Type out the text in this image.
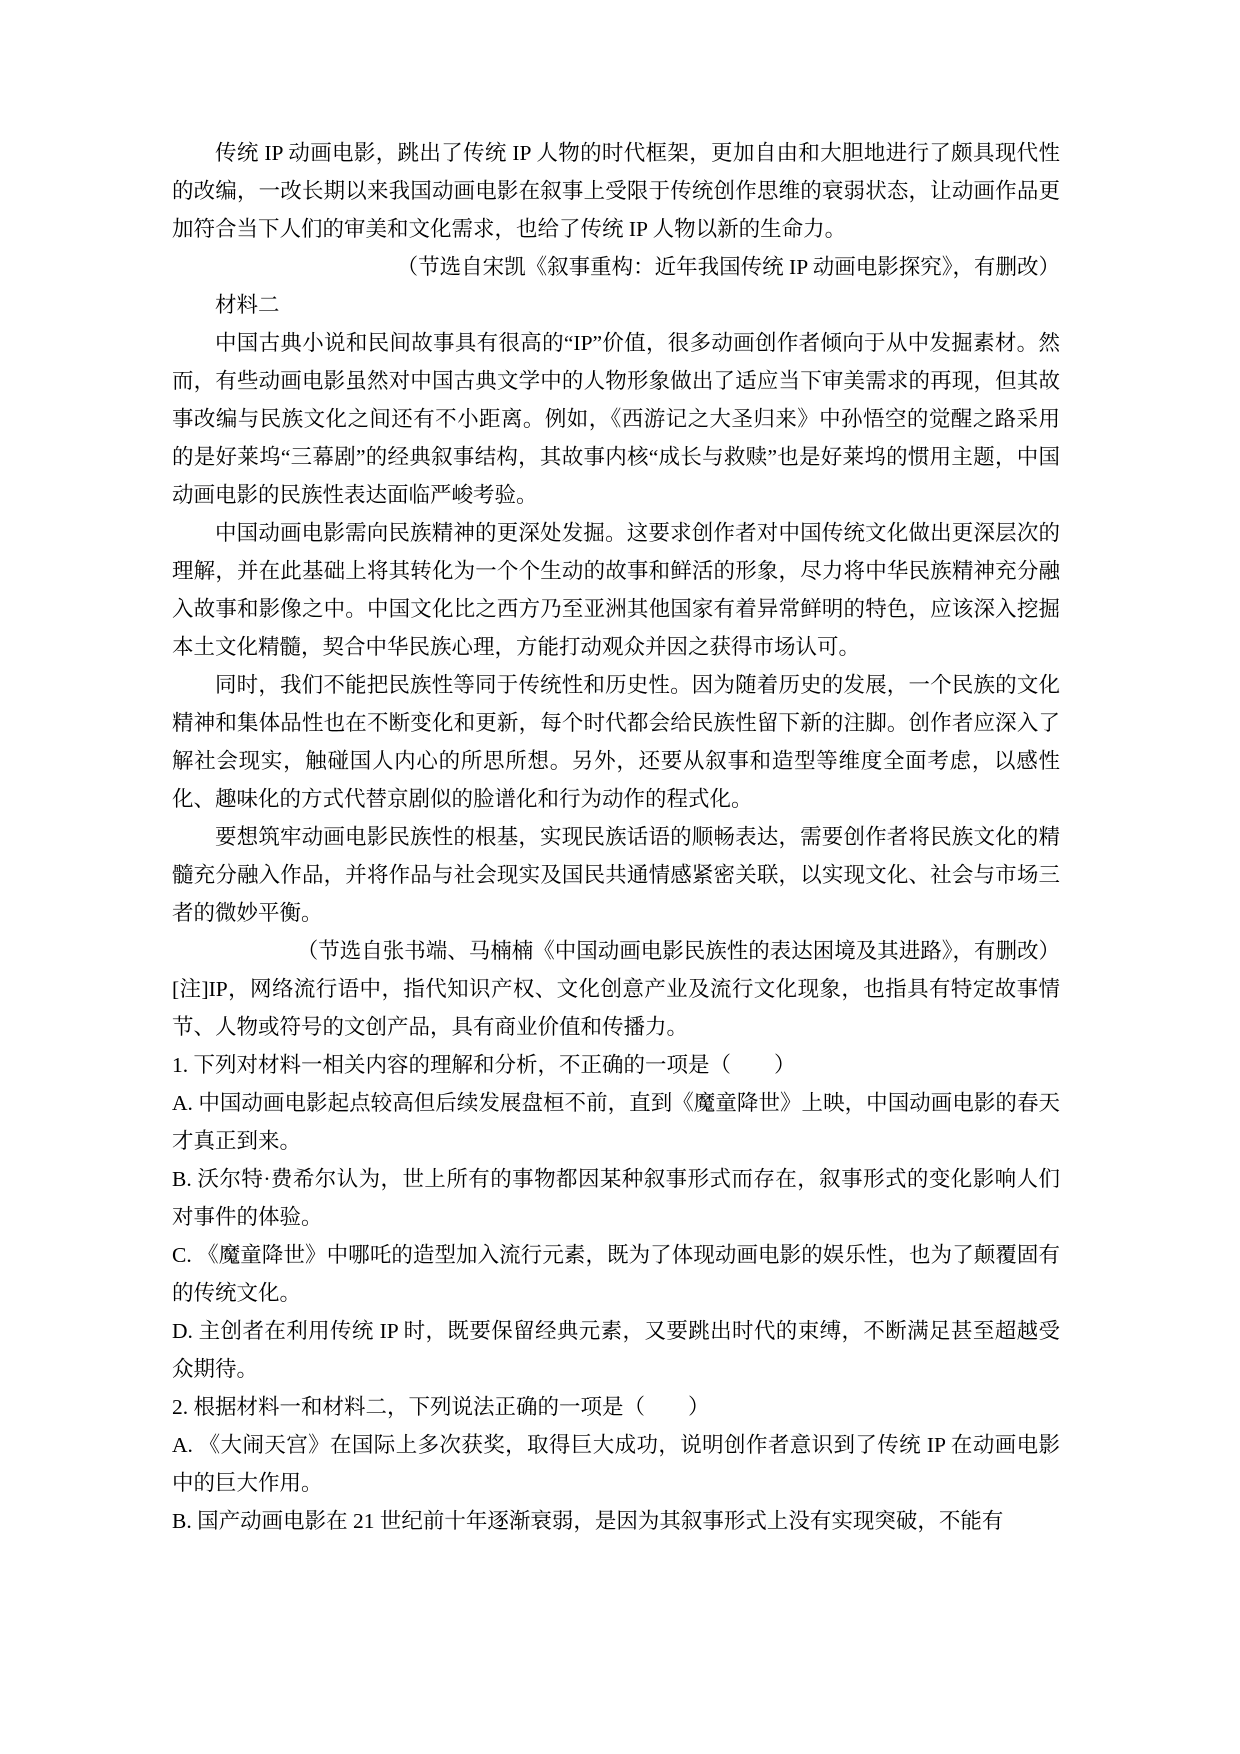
传统 IP 动画电影，跳出了传统 IP 人物的时代框架，更加自由和大胆地进行了颇具现代性的改编，一改长期以来我国动画电影在叙事上受限于传统创作思维的衰弱状态，让动画作品更加符合当下人们的审美和文化需求，也给了传统 IP 人物以新的生命力。

（节选自宋凯《叙事重构：近年我国传统 IP 动画电影探究》，有删改）

材料二

中国古典小说和民间故事具有很高的“IP”价值，很多动画创作者倾向于从中发掘素材。然而，有些动画电影虽然对中国古典文学中的人物形象做出了适应当下审美需求的再现，但其故事改编与民族文化之间还有不小距离。例如，《西游记之大圣归来》中孙悟空的觉醒之路采用的是好莱坞“三幕剧”的经典叙事结构，其故事内核“成长与救赎”也是好莱坞的惯用主题，中国动画电影的民族性表达面临严峻考验。

中国动画电影需向民族精神的更深处发掘。这要求创作者对中国传统文化做出更深层次的理解，并在此基础上将其转化为一个个生动的故事和鲜活的形象，尽力将中华民族精神充分融入故事和影像之中。中国文化比之西方乃至亚洲其他国家有着异常鲜明的特色，应该深入挖掘本土文化精髓，契合中华民族心理，方能打动观众并因之获得市场认可。

同时，我们不能把民族性等同于传统性和历史性。因为随着历史的发展，一个民族的文化精神和集体品性也在不断变化和更新，每个时代都会给民族性留下新的注脚。创作者应深入了解社会现实，触碰国人内心的所思所想。另外，还要从叙事和造型等维度全面考虑，以感性化、趣味化的方式代替京剧似的脸谱化和行为动作的程式化。

要想筑牢动画电影民族性的根基，实现民族话语的顺畅表达，需要创作者将民族文化的精髓充分融入作品，并将作品与社会现实及国民共通情感紧密关联，以实现文化、社会与市场三者的微妙平衡。

（节选自张书端、马楠楠《中国动画电影民族性的表达困境及其进路》，有删改）

[注]IP，网络流行语中，指代知识产权、文化创意产业及流行文化现象，也指具有特定故事情节、人物或符号的文创产品，具有商业价值和传播力。

1. 下列对材料一相关内容的理解和分析，不正确的一项是（　　）

A. 中国动画电影起点较高但后续发展盘桓不前，直到《魔童降世》上映，中国动画电影的春天才真正到来。

B. 沃尔特·费希尔认为，世上所有的事物都因某种叙事形式而存在，叙事形式的变化影响人们对事件的体验。

C. 《魔童降世》中哪吒的造型加入流行元素，既为了体现动画电影的娱乐性，也为了颠覆固有的传统文化。

D. 主创者在利用传统 IP 时，既要保留经典元素，又要跳出时代的束缚，不断满足甚至超越受众期待。

2. 根据材料一和材料二，下列说法正确的一项是（　　）

A. 《大闹天宫》在国际上多次获奖，取得巨大成功，说明创作者意识到了传统 IP 在动画电影中的巨大作用。

B. 国产动画电影在 21 世纪前十年逐渐衰弱，是因为其叙事形式上没有实现突破，不能有
